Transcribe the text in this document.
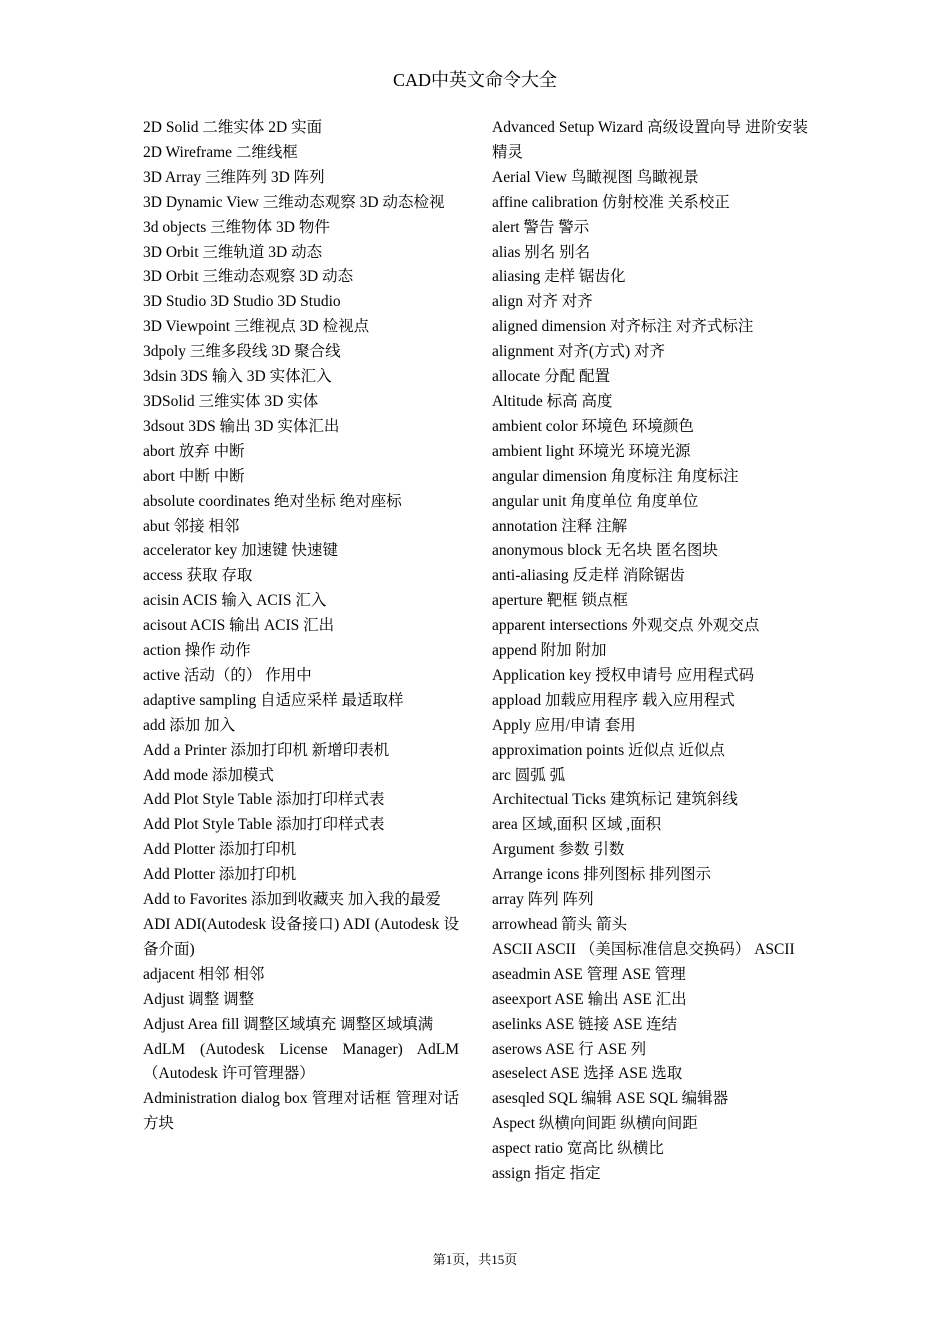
CAD中英文命令大全

2D Solid 二维实体 2D 实面

2D Wireframe 二维线框

3D Array 三维阵列 3D 阵列

3D Dynamic View 三维动态观察 3D 动态检视

3d objects 三维物体 3D 物件

3D Orbit 三维轨道 3D 动态

3D Orbit 三维动态观察 3D 动态

3D Studio 3D Studio 3D Studio

3D Viewpoint 三维视点 3D 检视点

3dpoly 三维多段线 3D 聚合线

3dsin 3DS 输入 3D 实体汇入

3DSolid 三维实体 3D 实体

3dsout 3DS 输出 3D 实体汇出

abort 放弃 中断

abort 中断 中断

absolute coordinates 绝对坐标 绝对座标

abut 邻接 相邻

accelerator key 加速键 快速键

access 获取 存取

acisin ACIS 输入 ACIS 汇入

acisout ACIS 输出 ACIS 汇出

action 操作 动作

active 活动（的） 作用中

adaptive sampling 自适应采样 最适取样

add 添加 加入

Add a Printer 添加打印机 新增印表机

Add mode 添加模式

Add Plot Style Table 添加打印样式表

Add Plot Style Table 添加打印样式表

Add Plotter 添加打印机

Add Plotter 添加打印机

Add to Favorites 添加到收藏夹 加入我的最爱

ADI ADI(Autodesk 设备接口) ADI (Autodesk 设备介面)

adjacent 相邻 相邻

Adjust 调整 调整

Adjust Area fill 调整区域填充 调整区域填满

AdLM (Autodesk License Manager) AdLM （Autodesk 许可管理器）

Administration dialog box 管理对话框 管理对话方块

Advanced Setup Wizard 高级设置向导 进阶安装精灵

Aerial View 鸟瞰视图 鸟瞰视景

affine calibration 仿射校准 关系校正

alert 警告 警示

alias 别名 别名

aliasing 走样 锯齿化

align 对齐 对齐

aligned dimension 对齐标注 对齐式标注

alignment 对齐(方式) 对齐

allocate 分配 配置

Altitude 标高 高度

ambient color 环境色 环境颜色

ambient light 环境光 环境光源

angular dimension 角度标注 角度标注

angular unit 角度单位 角度单位

annotation 注释 注解

anonymous block 无名块 匿名图块

anti-aliasing 反走样 消除锯齿

aperture 靶框 锁点框

apparent intersections 外观交点 外观交点

append 附加 附加

Application key 授权申请号 应用程式码

appload 加载应用程序 载入应用程式

Apply 应用/申请 套用

approximation points 近似点 近似点

arc 圆弧 弧

Architectual Ticks 建筑标记 建筑斜线

area 区域,面积 区域 ,面积

Argument 参数 引数

Arrange icons 排列图标 排列图示

array 阵列 阵列

arrowhead 箭头 箭头

ASCII ASCII （美国标准信息交换码） ASCII

aseadmin ASE 管理 ASE 管理

aseexport ASE 输出 ASE 汇出

aselinks ASE 链接 ASE 连结

aserows ASE 行 ASE 列

aseselect ASE 选择 ASE 选取

asesqled SQL 编辑 ASE SQL 编辑器

Aspect 纵横向间距 纵横向间距

aspect ratio 宽高比 纵横比

assign 指定 指定

第1页，共15页
